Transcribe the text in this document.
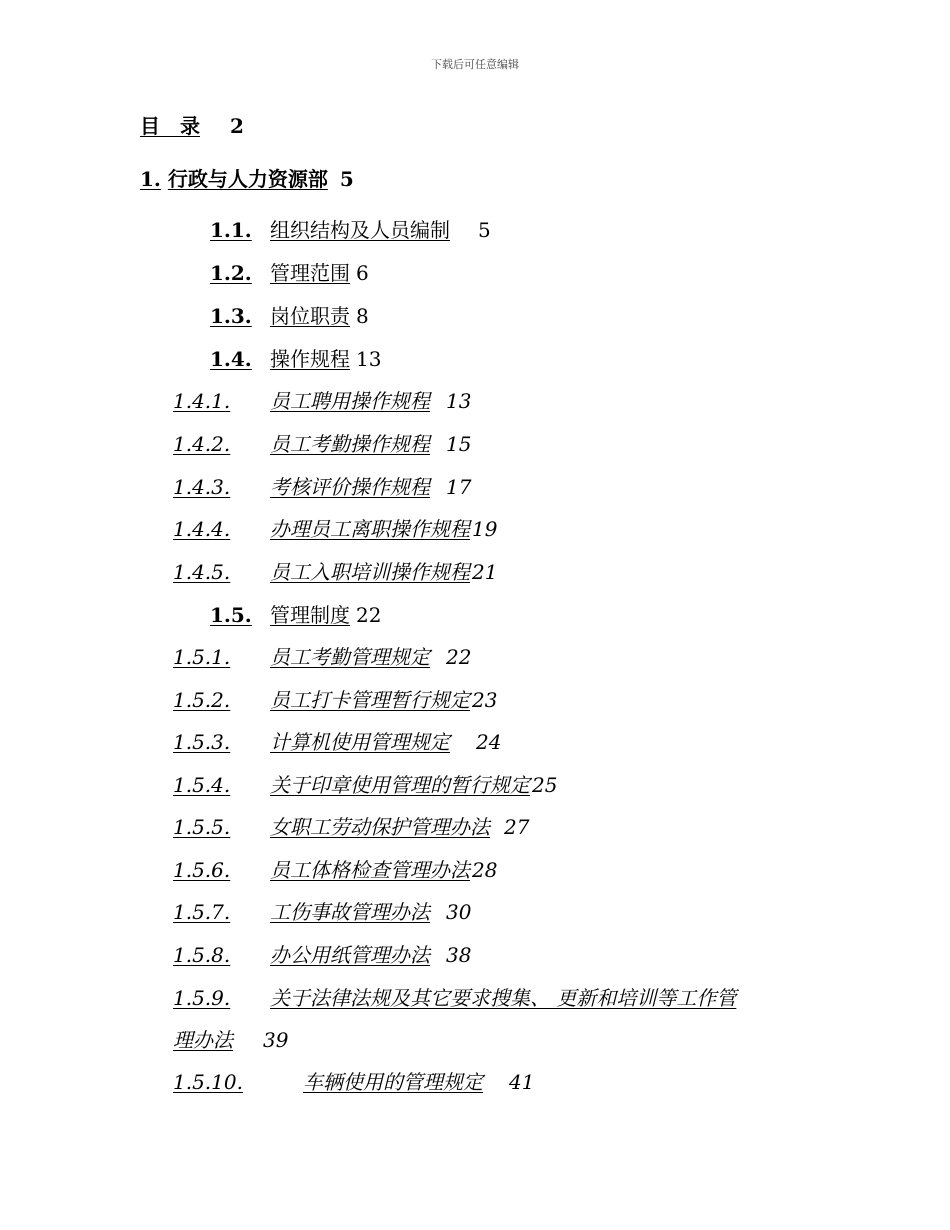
下载后可任意编辑
目　录 2
1. 行政与人力资源部 5
1.1. 组织结构及人员编制 5
1.2. 管理范围 6
1.3. 岗位职责 8
1.4. 操作规程 13
1.4.1. 员工聘用操作规程 13
1.4.2. 员工考勤操作规程 15
1.4.3. 考核评价操作规程 17
1.4.4. 办理员工离职操作规程 19
1.4.5. 员工入职培训操作规程 21
1.5. 管理制度 22
1.5.1. 员工考勤管理规定 22
1.5.2. 员工打卡管理暂行规定 23
1.5.3. 计算机使用管理规定 24
1.5.4. 关于印章使用管理的暂行规定 25
1.5.5. 女职工劳动保护管理办法 27
1.5.6. 员工体格检查管理办法 28
1.5.7. 工伤事故管理办法 30
1.5.8. 办公用纸管理办法 38
1.5.9. 关于法律法规及其它要求搜集、 更新和培训等工作管
理办法 39
1.5.10.	车辆使用的管理规定 41
